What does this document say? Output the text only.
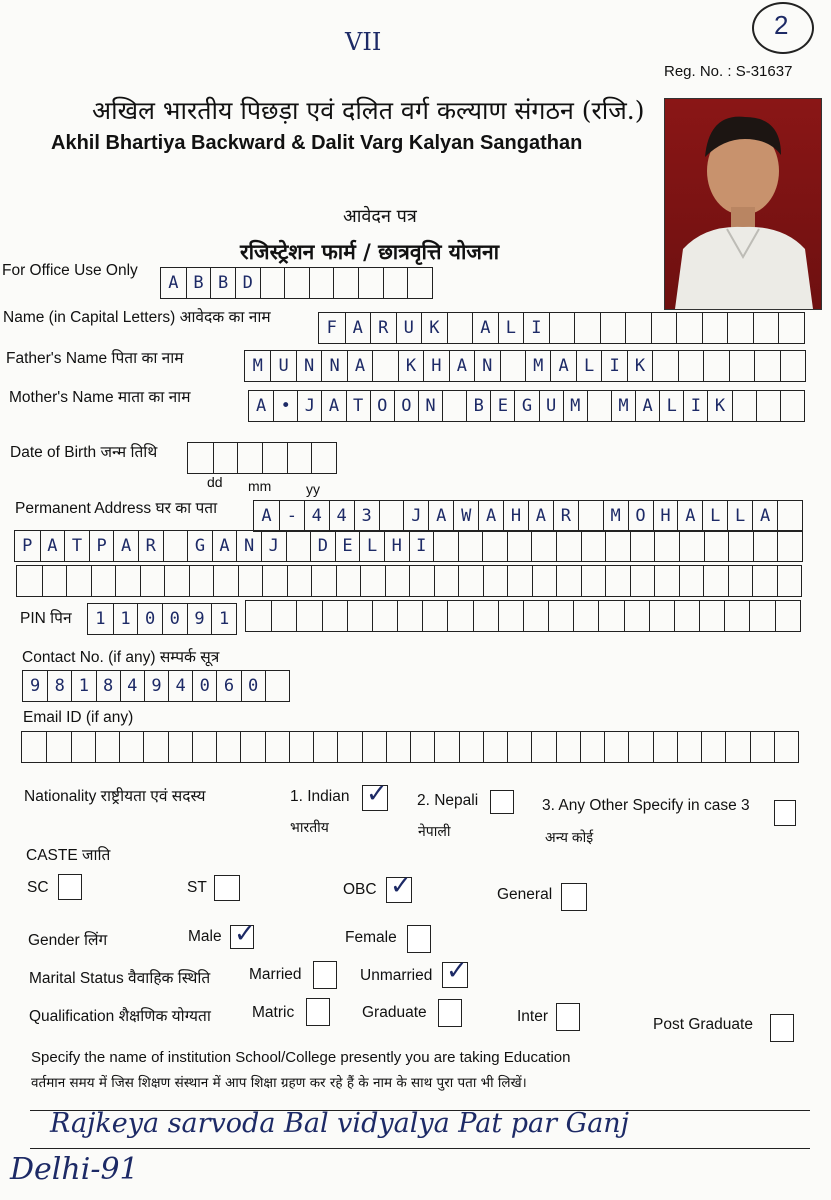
VII
2
Reg. No. : S-31637
अखिल भारतीय पिछड़ा एवं दलित वर्ग कल्याण संगठन (रजि.)
Akhil Bhartiya Backward & Dalit Varg Kalyan Sangathan
आवेदन पत्र
रजिस्ट्रेशन फार्म / छात्रवृत्ति योजना
For Office Use Only
A B B D
Name (in Capital Letters) आवेदक का नाम
F A R U K	A L I
Father's Name पिता का नाम	M U N N A	K H A N	M A L I K
Mother's Name माता का नाम	A • J A T O O N	B E G U M	M A L I K
Date of Birth जन्म तिथि
dd mm yy
Permanent Address घर का पता	A - 4 4 3	J A W A H A R	M O H A L L A
P A T P A R	G A N J	D E L H I
PIN पिन	1 1 0 0 9 1
Contact No. (if any) सम्पर्क सूत्र
9 8 1 8 4 9 4 0 6 0
Email ID (if any)
Nationality राष्ट्रीयता एवं सदस्य	1. Indian ✓
भारतीय
2. Nepali
नेपाली
3. Any Other Specify in case 3
अन्य कोई
CASTE जाति
SC	ST	OBC ✓	General
Gender लिंग	Male ✓	Female
Marital Status वैवाहिक स्थिति Married	Unmarried ✓
Qualification शैक्षणिक योग्यता	Matric	Graduate	Inter	Post Graduate
Specify the name of institution School/College presently you are taking Education
वर्तमान समय में जिस शिक्षण संस्थान में आप शिक्षा ग्रहण कर रहे हैं के नाम के साथ पुरा पता भी लिखें।
Rajkeya sarvoda Bal vidyalya Pat par Ganj
Delhi-91
